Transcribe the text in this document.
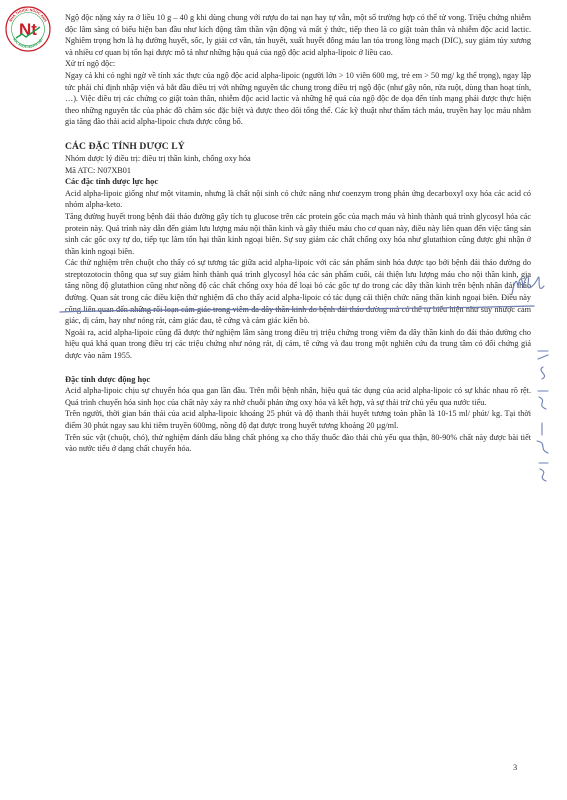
NHÀ THUỐC NGỌC ANH
SỨC KHỎE NGƯỜI VIỆT
Nt

Ngộ độc nặng xảy ra ở liều 10 g – 40 g khi dùng chung với rượu do tai nạn hay tự vẫn, một số trường hợp có thể tử vong. Triệu chứng nhiễm độc lâm sàng có biểu hiện ban đầu như kích động tâm thần vận động và mất ý thức, tiếp theo là co giật toàn thân và nhiễm độc acid lactic. Nghiêm trọng hơn là hạ đường huyết, sốc, ly giải cơ vân, tán huyết, xuất huyết đông máu lan tỏa trong lòng mạch (DIC), suy giảm tủy xương và nhiều cơ quan bị tổn hại được mô tả như những hậu quả của ngộ độc acid alpha-lipoic ở liều cao.

Xử trí ngộ độc:

Ngay cả khi có nghi ngờ về tính xác thực của ngộ độc acid alpha-lipoic (người lớn > 10 viên 600 mg, trẻ em > 50 mg/ kg thể trọng), ngay lập tức phải chỉ định nhập viện và bắt đầu điều trị với những nguyên tắc chung trong điều trị ngộ độc (như gây nôn, rửa ruột, dùng than hoạt tính, …). Việc điều trị các chứng co giật toàn thân, nhiễm độc acid lactic và những hệ quả của ngộ độc đe dọa đến tính mạng phải được thực hiện theo những nguyên tắc của phác đồ chăm sóc đặc biệt và được theo dõi tổng thể. Các kỹ thuật như thẩm tách máu, truyền hay lọc máu nhằm gia tăng đào thải acid alpha-lipoic chưa được công bố.

CÁC ĐẶC TÍNH DƯỢC LÝ

Nhóm dược lý điều trị: điều trị thần kinh, chống oxy hóa

Mã ATC: N07XB01

Các đặc tính dược lực học

Acid alpha-lipoic giống như một vitamin, nhưng là chất nội sinh có chức năng như coenzym trong phản ứng decarboxyl oxy hóa các acid có nhóm alpha-keto.

Tăng đường huyết trong bệnh đái tháo đường gây tích tụ glucose trên các protein gốc của mạch máu và hình thành quá trình glycosyl hóa các protein này. Quá trình này dẫn đến giảm lưu lượng máu nội thần kinh và gây thiếu máu cho cơ quan này, điều này liên quan đến việc tăng sản sinh các gốc oxy tự do, tiếp tục làm tổn hại thần kinh ngoại biên. Sự suy giảm các chất chống oxy hóa như glutathion cũng được ghi nhận ở thần kinh ngoại biên.

Các thử nghiệm trên chuột cho thấy có sự tương tác giữa acid alpha-lipoic với các sản phẩm sinh hóa được tạo bởi bệnh đái tháo đường do streptozotocin thông qua sự suy giảm hình thành quá trình glycosyl hóa các sản phẩm cuối, cải thiện lưu lượng máu cho nội thần kinh, gia tăng nồng độ glutathion cũng như nồng độ các chất chống oxy hóa để loại bỏ các gốc tự do trong các dây thần kinh trên bệnh nhân đái tháo đường. Quan sát trong các điều kiện thử nghiệm đã cho thấy acid alpha-lipoic có tác dụng cải thiện chức năng thần kinh ngoại biên. Điều này cũng liên quan đến những rối loạn cảm giác trong viêm đa dây thần kinh do bệnh đái tháo đường mà có thể tự biểu hiện như suy nhược cảm giác, dị cảm, hay như nóng rát, cảm giác đau, tê cứng và cảm giác kiến bò.

Ngoài ra, acid alpha-lipoic cũng đã được thử nghiệm lâm sàng trong điều trị triệu chứng trong viêm đa dây thần kinh do đái tháo đường cho hiệu quả khá quan trong điều trị các triệu chứng như nóng rát, dị cảm, tê cứng và đau trong một nghiên cứu đa trung tâm có đối chứng giả dược vào năm 1955.

Đặc tính dược động học

Acid alpha-lipoic chịu sự chuyển hóa qua gan lần đầu. Trên mỗi bệnh nhân, hiệu quả tác dụng của acid alpha-lipoic có sự khác nhau rõ rệt. Quá trình chuyển hóa sinh học của chất này xảy ra nhờ chuỗi phản ứng oxy hóa và kết hợp, và sự thải trừ chủ yếu qua nước tiểu.

Trên người, thời gian bán thải của acid alpha-lipoic khoảng 25 phút và độ thanh thải huyết tương toàn phần là 10-15 ml/ phút/ kg. Tại thời điểm 30 phút ngay sau khi tiêm truyền 600mg, nồng độ đạt được trong huyết tương khoảng 20 µg/ml.

Trên súc vật (chuột, chó), thử nghiệm đánh dấu bằng chất phóng xạ cho thấy thuốc đào thải chủ yếu qua thận, 80-90% chất này được bài tiết vào nước tiểu ở dạng chất chuyển hóa.

3
